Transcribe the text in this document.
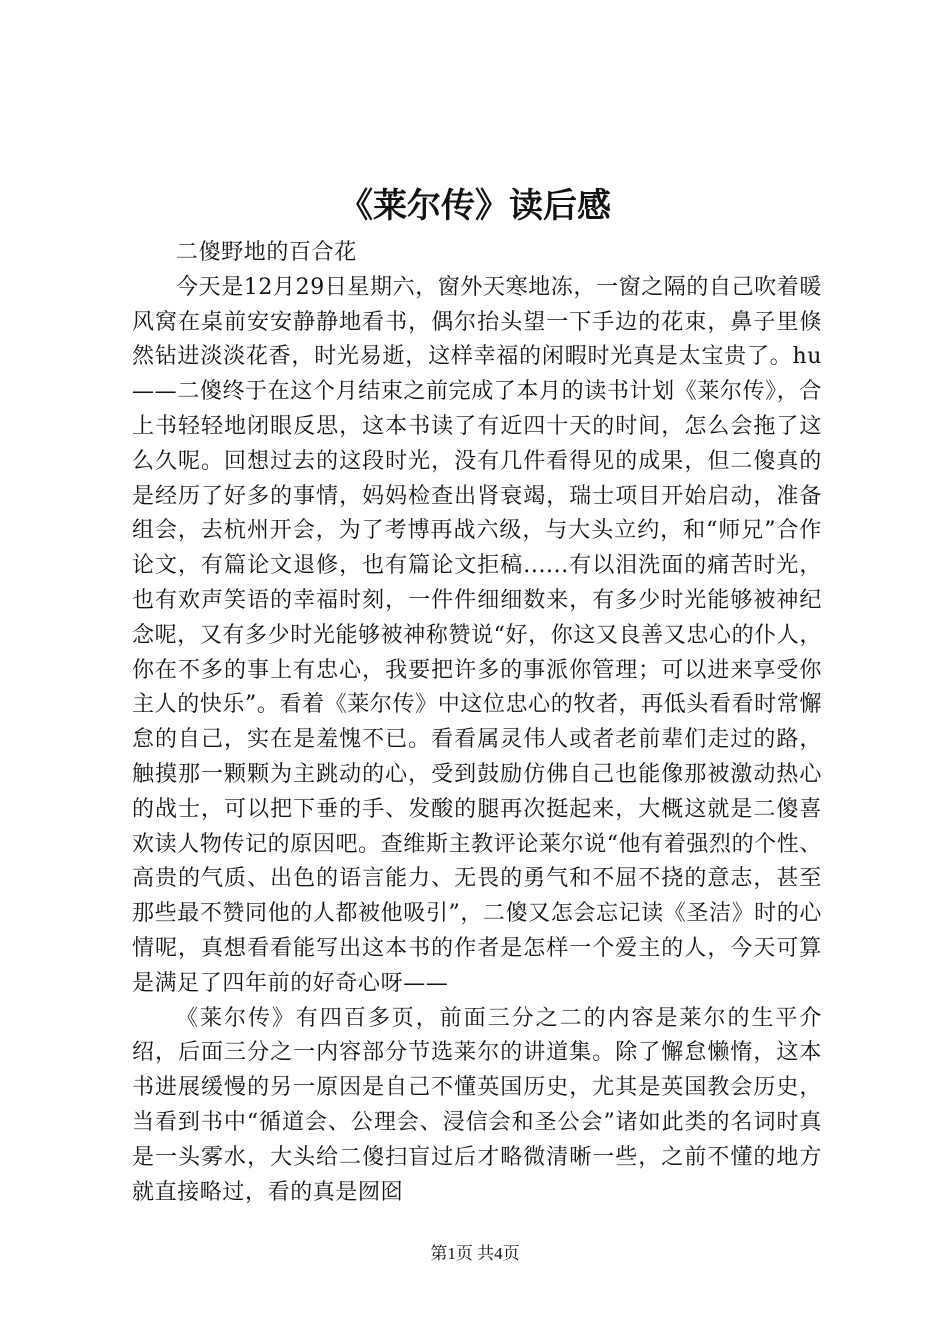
《莱尔传》读后感

二傻野地的百合花

今天是12月29日星期六，窗外天寒地冻，一窗之隔的自己吹着暖风窝在桌前安安静静地看书，偶尔抬头望一下手边的花束，鼻子里倏然钻进淡淡花香，时光易逝，这样幸福的闲暇时光真是太宝贵了。hu——二傻终于在这个月结束之前完成了本月的读书计划《莱尔传》，合上书轻轻地闭眼反思，这本书读了有近四十天的时间，怎么会拖了这么久呢。回想过去的这段时光，没有几件看得见的成果，但二傻真的是经历了好多的事情，妈妈检查出肾衰竭，瑞士项目开始启动，准备组会，去杭州开会，为了考博再战六级，与大头立约，和“师兄”合作论文，有篇论文退修，也有篇论文拒稿......有以泪洗面的痛苦时光，也有欢声笑语的幸福时刻，一件件细细数来，有多少时光能够被神纪念呢，又有多少时光能够被神称赞说“好，你这又良善又忠心的仆人，你在不多的事上有忠心，我要把许多的事派你管理；可以进来享受你主人的快乐”。看着《莱尔传》中这位忠心的牧者，再低头看看时常懈怠的自己，实在是羞愧不已。看看属灵伟人或者老前辈们走过的路，触摸那一颗颗为主跳动的心，受到鼓励仿佛自己也能像那被激动热心的战士，可以把下垂的手、发酸的腿再次挺起来，大概这就是二傻喜欢读人物传记的原因吧。查维斯主教评论莱尔说“他有着强烈的个性、高贵的气质、出色的语言能力、无畏的勇气和不屈不挠的意志，甚至那些最不赞同他的人都被他吸引”，二傻又怎会忘记读《圣洁》时的心情呢，真想看看能写出这本书的作者是怎样一个爱主的人，今天可算是满足了四年前的好奇心呀——

《莱尔传》有四百多页，前面三分之二的内容是莱尔的生平介绍，后面三分之一内容部分节选莱尔的讲道集。除了懈怠懒惰，这本书进展缓慢的另一原因是自己不懂英国历史，尤其是英国教会历史，当看到书中“循道会、公理会、浸信会和圣公会”诸如此类的名词时真是一头雾水，大头给二傻扫盲过后才略微清晰一些，之前不懂的地方就直接略过，看的真是囫囵

第1页 共4页
